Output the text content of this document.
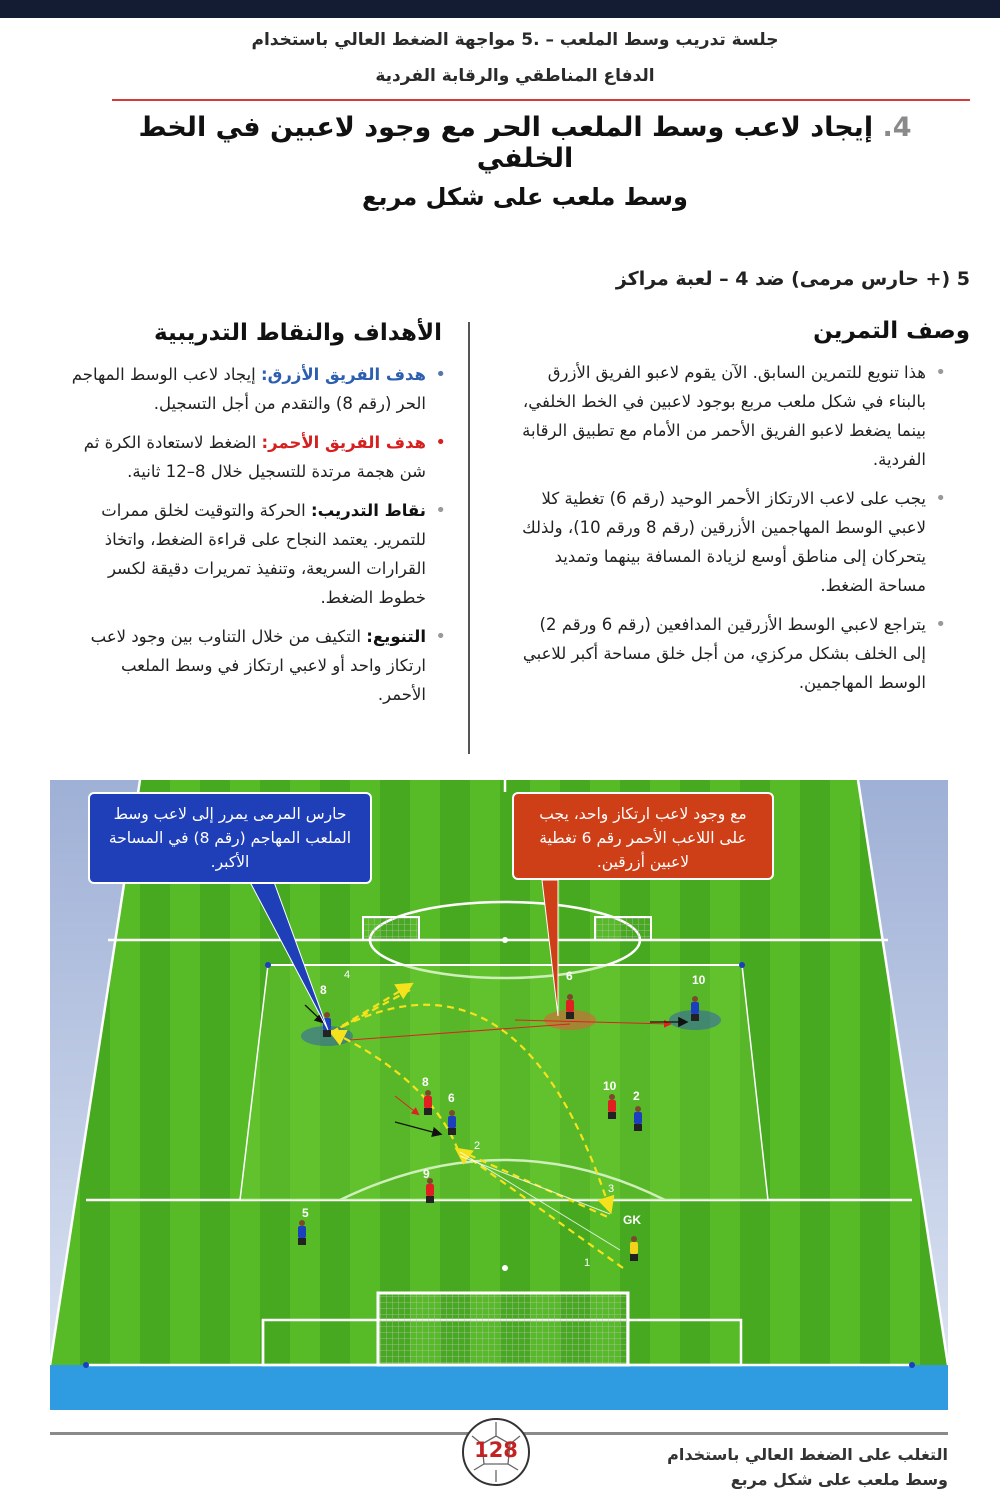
جلسة تدريب وسط الملعب – .5 مواجهة الضغط العالي باستخدام
الدفاع المناطقي والرقابة الفردية
4. إيجاد لاعب وسط الملعب الحر مع وجود لاعبين في الخط الخلفي
وسط ملعب على شكل مربع
5 (+ حارس مرمى) ضد 4 – لعبة مراكز
وصف التمرين
الأهداف والنقاط التدريبية
•
هذا تنويع للتمرين السابق. الآن يقوم لاعبو الفريق الأزرق بالبناء في شكل ملعب مربع بوجود لاعبين في الخط الخلفي، بينما يضغط لاعبو الفريق الأحمر من الأمام مع تطبيق الرقابة الفردية.
•
يجب على لاعب الارتكاز الأحمر الوحيد (رقم 6) تغطية كلا لاعبي الوسط المهاجمين الأزرقين (رقم 8 ورقم 10)، ولذلك يتحركان إلى مناطق أوسع لزيادة المسافة بينهما وتمديد مساحة الضغط.
•
يتراجع لاعبي الوسط الأزرقين المدافعين (رقم 6 ورقم 2) إلى الخلف بشكل مركزي، من أجل خلق مساحة أكبر للاعبي الوسط المهاجمين.
•
هدف الفريق الأزرق: إيجاد لاعب الوسط المهاجم الحر (رقم 8) والتقدم من أجل التسجيل.
•
هدف الفريق الأحمر: الضغط لاستعادة الكرة ثم شن هجمة مرتدة للتسجيل خلال 8–12 ثانية.
•
نقاط التدريب: الحركة والتوقيت لخلق ممرات للتمرير. يعتمد النجاح على قراءة الضغط، واتخاذ القرارات السريعة، وتنفيذ تمريرات دقيقة لكسر خطوط الضغط.
•
التنويع: التكيف من خلال التناوب بين وجود لاعب ارتكاز واحد أو لاعبي ارتكاز في وسط الملعب الأحمر.
8
10
6	2
5	GK
6
8	10
9
1
2
3
4
حارس المرمى يمرر إلى لاعب وسط الملعب المهاجم (رقم 8) في المساحة الأكبر.
مع وجود لاعب ارتكاز واحد، يجب على اللاعب الأحمر رقم 6 تغطية لاعبين أزرقين.
التغلب على الضغط العالي باستخدام
وسط ملعب على شكل مربع
128
